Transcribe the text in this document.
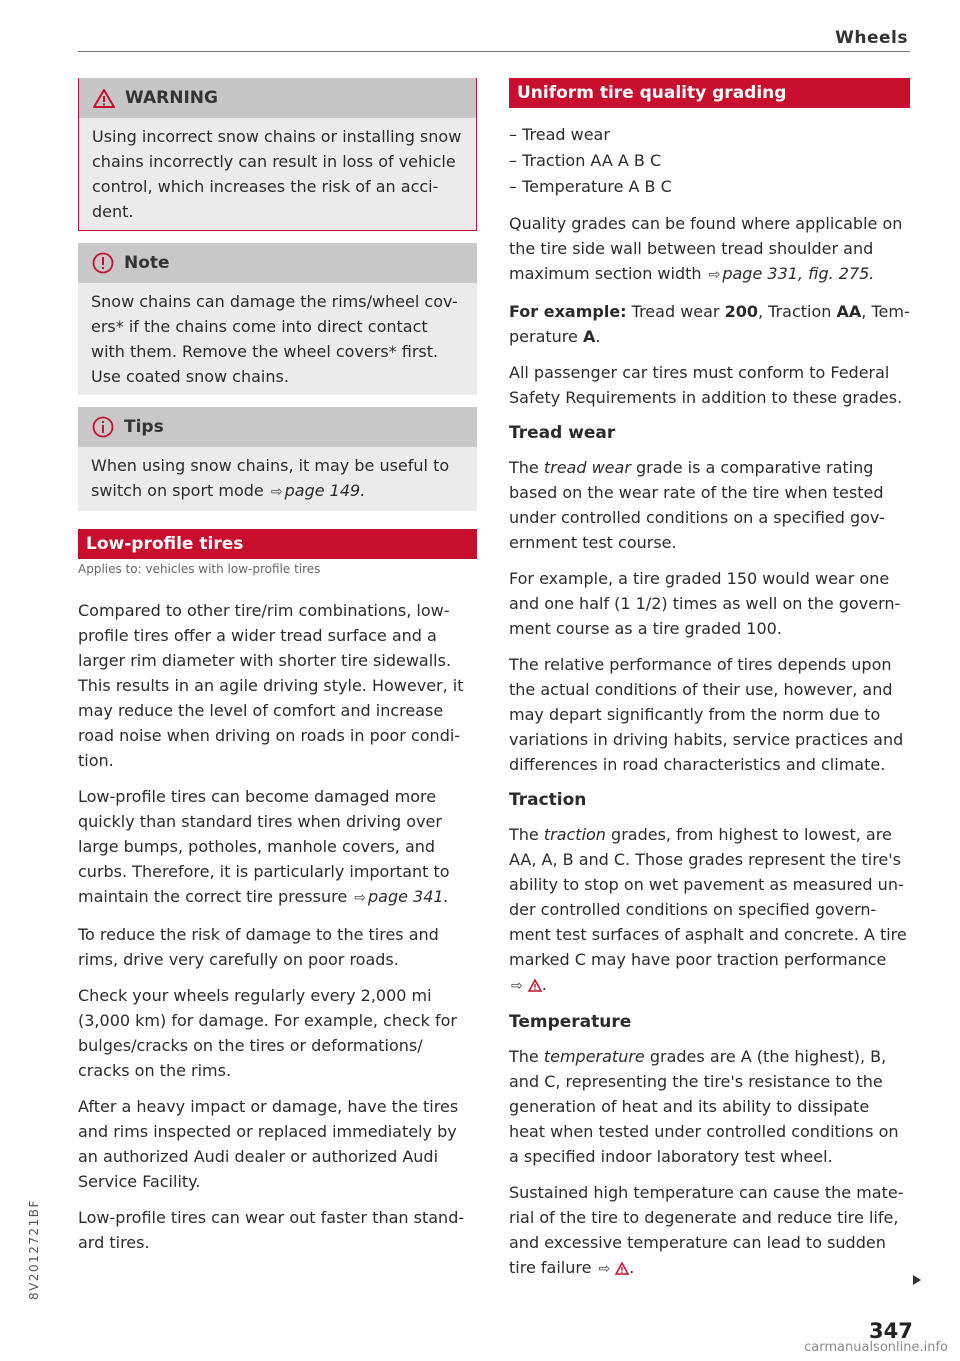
Wheels
WARNING

Using incorrect snow chains or installing snow chains incorrectly can result in loss of vehicle control, which increases the risk of an acci-dent.

Note

Snow chains can damage the rims/wheel cov-ers* if the chains come into direct contact with them. Remove the wheel covers* first. Use coated snow chains.

Tips

When using snow chains, it may be useful to switch on sport mode ⇨ page 149.

Low-profile tires
Applies to: vehicles with low-profile tires

Compared to other tire/rim combinations, low-profile tires offer a wider tread surface and a larger rim diameter with shorter tire sidewalls. This results in an agile driving style. However, it may reduce the level of comfort and increase road noise when driving on roads in poor condi-tion.

Low-profile tires can become damaged more quickly than standard tires when driving over large bumps, potholes, manhole covers, and curbs. Therefore, it is particularly important to maintain the correct tire pressure ⇨ page 341.

To reduce the risk of damage to the tires and rims, drive very carefully on poor roads.

Check your wheels regularly every 2,000 mi (3,000 km) for damage. For example, check for bulges/cracks on the tires or deformations/ cracks on the rims.

After a heavy impact or damage, have the tires and rims inspected or replaced immediately by an authorized Audi dealer or authorized Audi Service Facility.

Low-profile tires can wear out faster than stand-ard tires.

Uniform tire quality grading
– Tread wear
– Traction AA A B C
– Temperature A B C

Quality grades can be found where applicable on the tire side wall between tread shoulder and maximum section width ⇨ page 331, fig. 275.

For example: Tread wear 200, Traction AA, Tem-perature A.

All passenger car tires must conform to Federal Safety Requirements in addition to these grades.

Tread wear

The tread wear grade is a comparative rating based on the wear rate of the tire when tested under controlled conditions on a specified gov-ernment test course.

For example, a tire graded 150 would wear one and one half (1 1/2) times as well on the govern-ment course as a tire graded 100.

The relative performance of tires depends upon the actual conditions of their use, however, and may depart significantly from the norm due to variations in driving habits, service practices and differences in road characteristics and climate.

Traction

The traction grades, from highest to lowest, are AA, A, B and C. Those grades represent the tire's ability to stop on wet pavement as measured un-der controlled conditions on specified govern-ment test surfaces of asphalt and concrete. A tire marked C may have poor traction performance
⇨ .

Temperature

The temperature grades are A (the highest), B, and C, representing the tire's resistance to the generation of heat and its ability to dissipate heat when tested under controlled conditions on a specified indoor laboratory test wheel.

Sustained high temperature can cause the mate-rial of the tire to degenerate and reduce tire life, and excessive temperature can lead to sudden tire failure ⇨ .

347
8V2012721BF
carmanualsonline.info
